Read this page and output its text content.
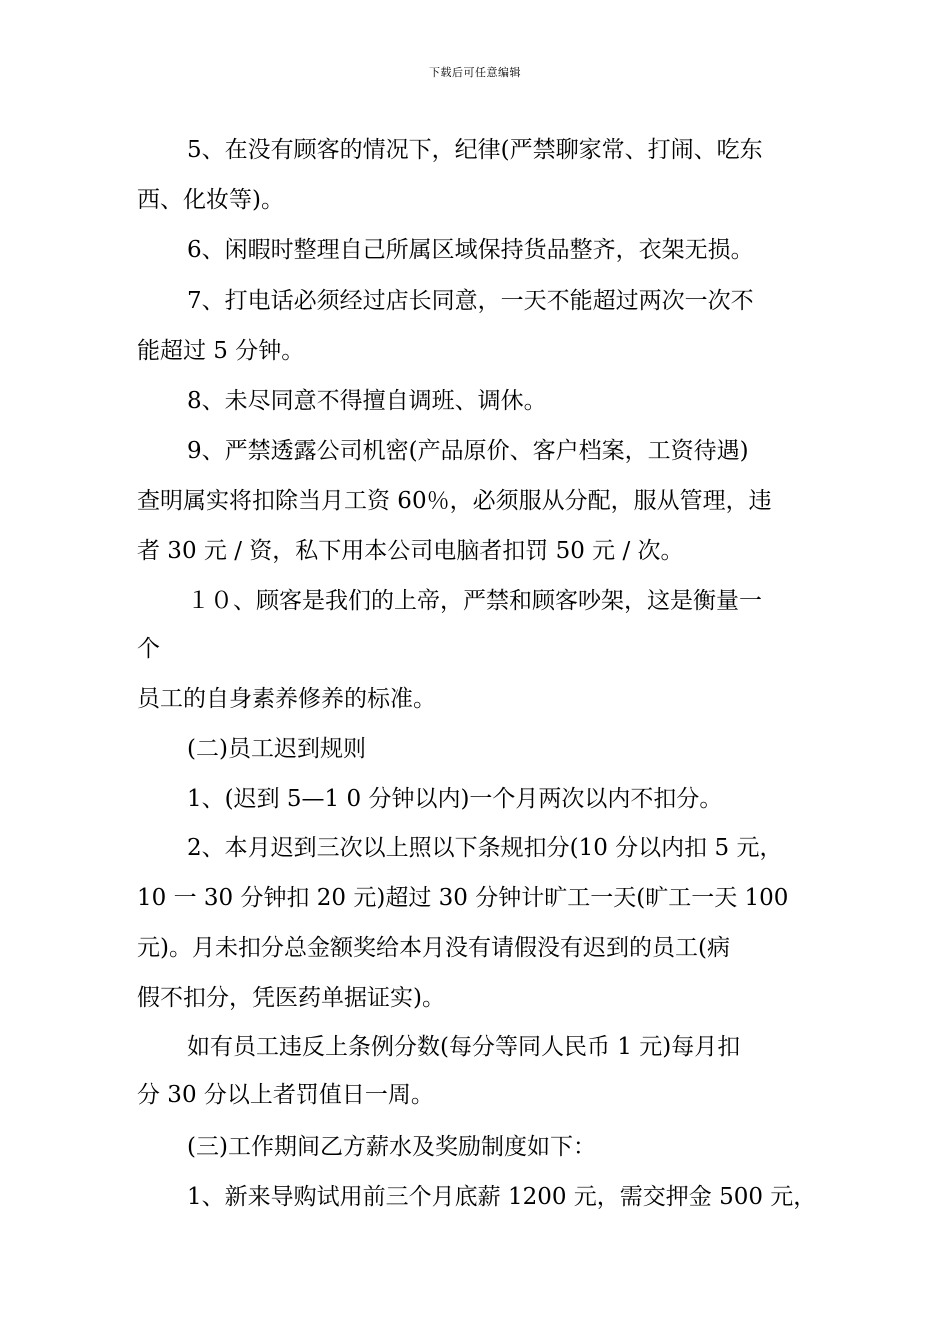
下载后可任意编辑
5、在没有顾客的情况下，纪律(严禁聊家常、打闹、吃东
西、化妆等)。
6、闲暇时整理自己所属区域保持货品整齐，衣架无损。
7、打电话必须经过店长同意，一天不能超过两次一次不
能超过 5 分钟。
8、未尽同意不得擅自调班、调休。
9、严禁透露公司机密(产品原价、客户档案，工资待遇)
查明属实将扣除当月工资 60％，必须服从分配，服从管理，违
者 30 元 / 资，私下用本公司电脑者扣罚 50 元 / 次。
１０、顾客是我们的上帝，严禁和顾客吵架，这是衡量一
个
员工的自身素养修养的标准。
(二)员工迟到规则
1、(迟到 5—1 0 分钟以内)一个月两次以内不扣分。
2、本月迟到三次以上照以下条规扣分(10 分以内扣 5 元，
10 一 30 分钟扣 20 元)超过 30 分钟计旷工一天(旷工一天 100
元)。月未扣分总金额奖给本月没有请假没有迟到的员工(病
假不扣分，凭医药单据证实)。
如有员工违反上条例分数(每分等同人民币 1 元)每月扣
分 30 分以上者罚值日一周。
(三)工作期间乙方薪水及奖励制度如下：
1、新来导购试用前三个月底薪 1200 元，需交押金 500 元，
